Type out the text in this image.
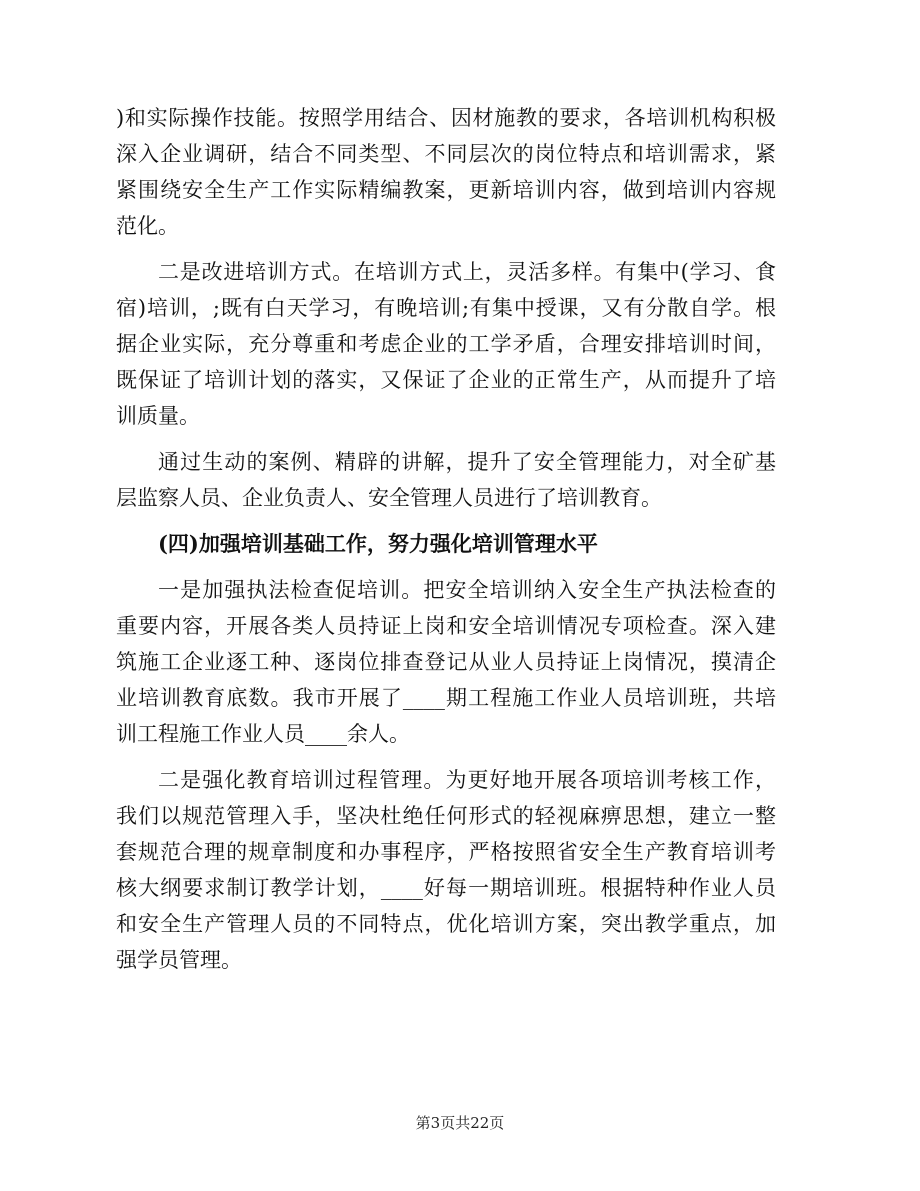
)和实际操作技能。按照学用结合、因材施教的要求，各培训机构积极
深入企业调研，结合不同类型、不同层次的岗位特点和培训需求，紧
紧围绕安全生产工作实际精编教案，更新培训内容，做到培训内容规
范化。
二是改进培训方式。在培训方式上，灵活多样。有集中(学习、食
宿)培训，;既有白天学习，有晚培训;有集中授课，又有分散自学。根
据企业实际，充分尊重和考虑企业的工学矛盾，合理安排培训时间，
既保证了培训计划的落实，又保证了企业的正常生产，从而提升了培
训质量。
通过生动的案例、精辟的讲解，提升了安全管理能力，对全矿基
层监察人员、企业负责人、安全管理人员进行了培训教育。
(四)加强培训基础工作，努力强化培训管理水平
一是加强执法检查促培训。把安全培训纳入安全生产执法检查的
重要内容，开展各类人员持证上岗和安全培训情况专项检查。深入建
筑施工企业逐工种、逐岗位排查登记从业人员持证上岗情况，摸清企
业培训教育底数。我市开展了____期工程施工作业人员培训班，共培
训工程施工作业人员____余人。
二是强化教育培训过程管理。为更好地开展各项培训考核工作，
我们以规范管理入手，坚决杜绝任何形式的轻视麻痹思想，建立一整
套规范合理的规章制度和办事程序，严格按照省安全生产教育培训考
核大纲要求制订教学计划，____好每一期培训班。根据特种作业人员
和安全生产管理人员的不同特点，优化培训方案，突出教学重点，加
强学员管理。
第3页共22页
